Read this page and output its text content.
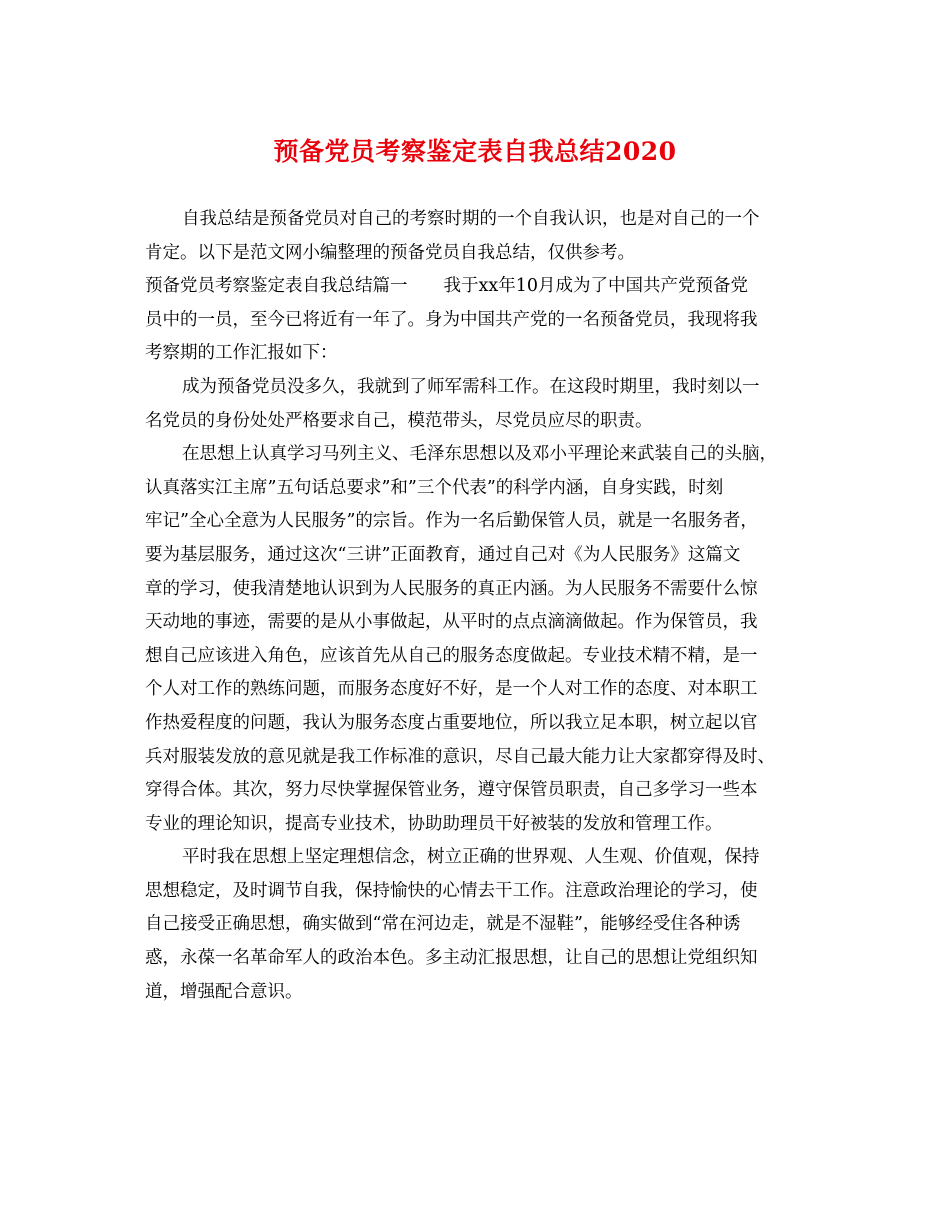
预备党员考察鉴定表自我总结2020
自我总结是预备党员对自己的考察时期的一个自我认识，也是对自己的一个
肯定。以下是范文网小编整理的预备党员自我总结，仅供参考。
预备党员考察鉴定表自我总结篇一 我于xx年10月成为了中国共产党预备党
员中的一员，至今已将近有一年了。身为中国共产党的一名预备党员，我现将我
考察期的工作汇报如下：
成为预备党员没多久，我就到了师军需科工作。在这段时期里，我时刻以一
名党员的身份处处严格要求自己，模范带头，尽党员应尽的职责。
在思想上认真学习马列主义、毛泽东思想以及邓小平理论来武装自己的头脑，
认真落实江主席”五句话总要求”和”三个代表”的科学内涵，自身实践，时刻
牢记”全心全意为人民服务”的宗旨。作为一名后勤保管人员，就是一名服务者，
要为基层服务，通过这次“三讲”正面教育，通过自己对《为人民服务》这篇文
章的学习，使我清楚地认识到为人民服务的真正内涵。为人民服务不需要什么惊
天动地的事迹，需要的是从小事做起，从平时的点点滴滴做起。作为保管员，我
想自己应该进入角色，应该首先从自己的服务态度做起。专业技术精不精，是一
个人对工作的熟练问题，而服务态度好不好，是一个人对工作的态度、对本职工
作热爱程度的问题，我认为服务态度占重要地位，所以我立足本职，树立起以官
兵对服装发放的意见就是我工作标准的意识，尽自己最大能力让大家都穿得及时、
穿得合体。其次，努力尽快掌握保管业务，遵守保管员职责，自己多学习一些本
专业的理论知识，提高专业技术，协助助理员干好被装的发放和管理工作。
平时我在思想上坚定理想信念，树立正确的世界观、人生观、价值观，保持
思想稳定，及时调节自我，保持愉快的心情去干工作。注意政治理论的学习，使
自己接受正确思想，确实做到“常在河边走，就是不湿鞋”，能够经受住各种诱
惑，永葆一名革命军人的政治本色。多主动汇报思想，让自己的思想让党组织知
道，增强配合意识。
